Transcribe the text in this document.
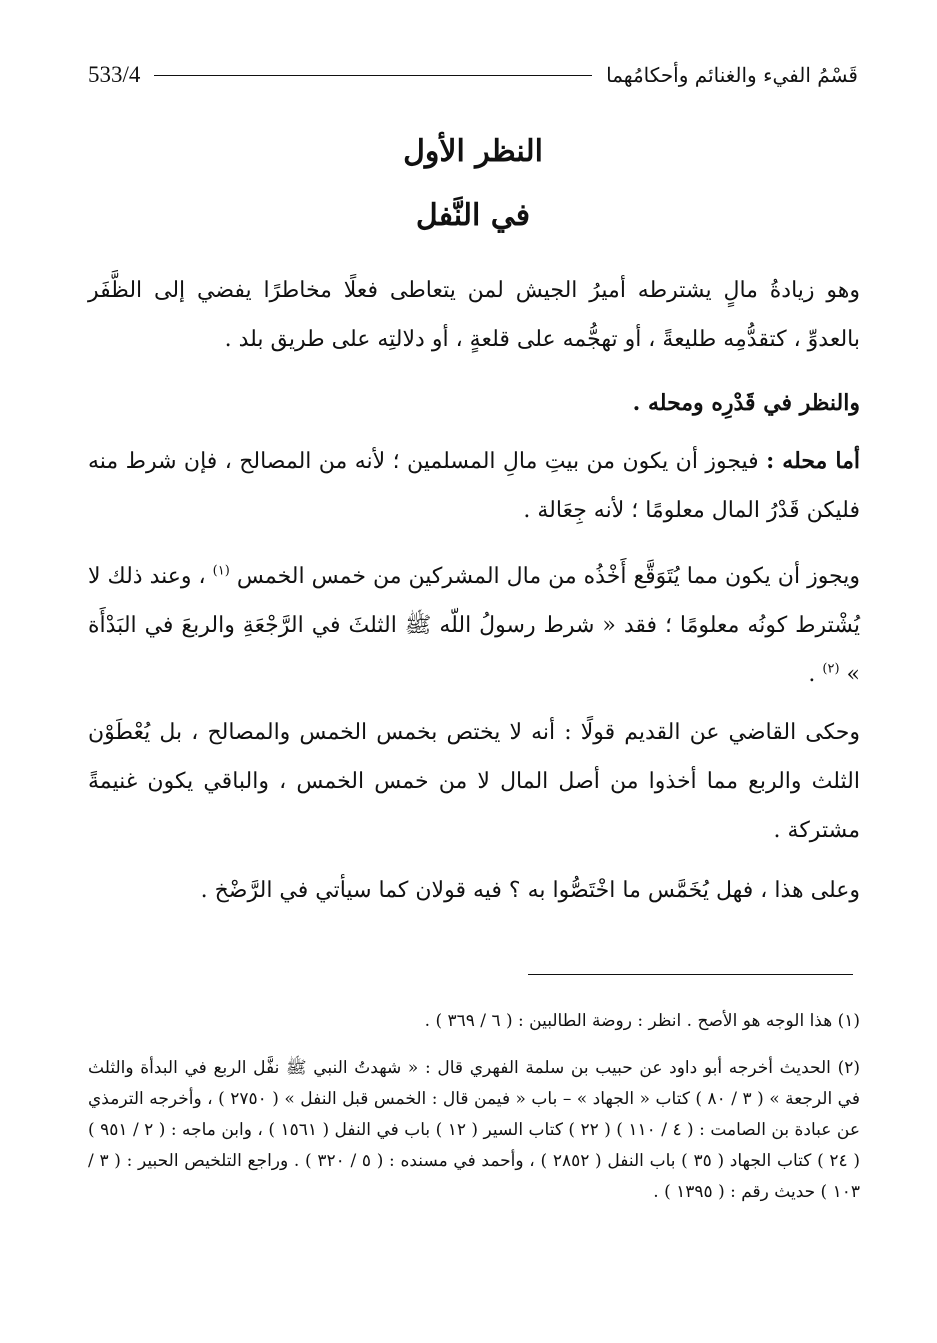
533/4	قَسْمُ الفيء والغنائم وأحكامُهما
النظر الأول
في النَّفل

وهو زيادةُ مالٍ يشترطه أميرُ الجيش لمن يتعاطى فعلًا مخاطرًا يفضي إلى الظَّفَر بالعدوِّ ، كتقدُّمِه طليعةً ، أو تهجُّمه على قلعةٍ ، أو دلالتِه على طريق بلد .

والنظر في قَدْرِه ومحله .

أما محله : فيجوز أن يكون من بيتِ مالِ المسلمين ؛ لأنه من المصالح ، فإن شرط منه فليكن قَدْرُ المال معلومًا ؛ لأنه جِعَالة .

ويجوز أن يكون مما يُتَوَقَّع أَخْذُه من مال المشركين من خمس الخمس $^{(١)}$ ، وعند ذلك لا يُشْترط كونُه معلومًا ؛ فقد « شرط رسولُ اللّه ﷺ الثلثَ في الرَّجْعَةِ والربعَ في البَدْأَة » $^{(٢)}$ .

وحكى القاضي عن القديم قولًا : أنه لا يختص بخمس الخمس والمصالح ، بل يُعْطَوْن الثلث والربع مما أخذوا من أصل المال لا من خمس الخمس ، والباقي يكون غنيمةً مشتركة .

وعلى هذا ، فهل يُخَمَّس ما اخْتَصُّوا به ؟ فيه قولان كما سيأتي في الرَّضْخ .

(١) هذا الوجه هو الأصح . انظر : روضة الطالبين : ( ٦ / ٣٦٩ ) .

(٢) الحديث أخرجه أبو داود عن حبيب بن سلمة الفهري قال : « شهدتُ النبي ﷺ نفَّل الربع في البدأة والثلث في الرجعة » ( ٣ / ٨٠ ) كتاب « الجهاد » – باب « فيمن قال : الخمس قبل النفل » ( ٢٧٥٠ ) ، وأخرجه الترمذي عن عبادة بن الصامت : ( ٤ / ١١٠ ) ( ٢٢ ) كتاب السير ( ١٢ ) باب في النفل ( ١٥٦١ ) ، وابن ماجه : ( ٢ / ٩٥١ ) ( ٢٤ ) كتاب الجهاد ( ٣٥ ) باب النفل ( ٢٨٥٢ ) ، وأحمد في مسنده : ( ٥ / ٣٢٠ ) . وراجع التلخيص الحبير : ( ٣ / ١٠٣ ) حديث رقم : ( ١٣٩٥ ) .
